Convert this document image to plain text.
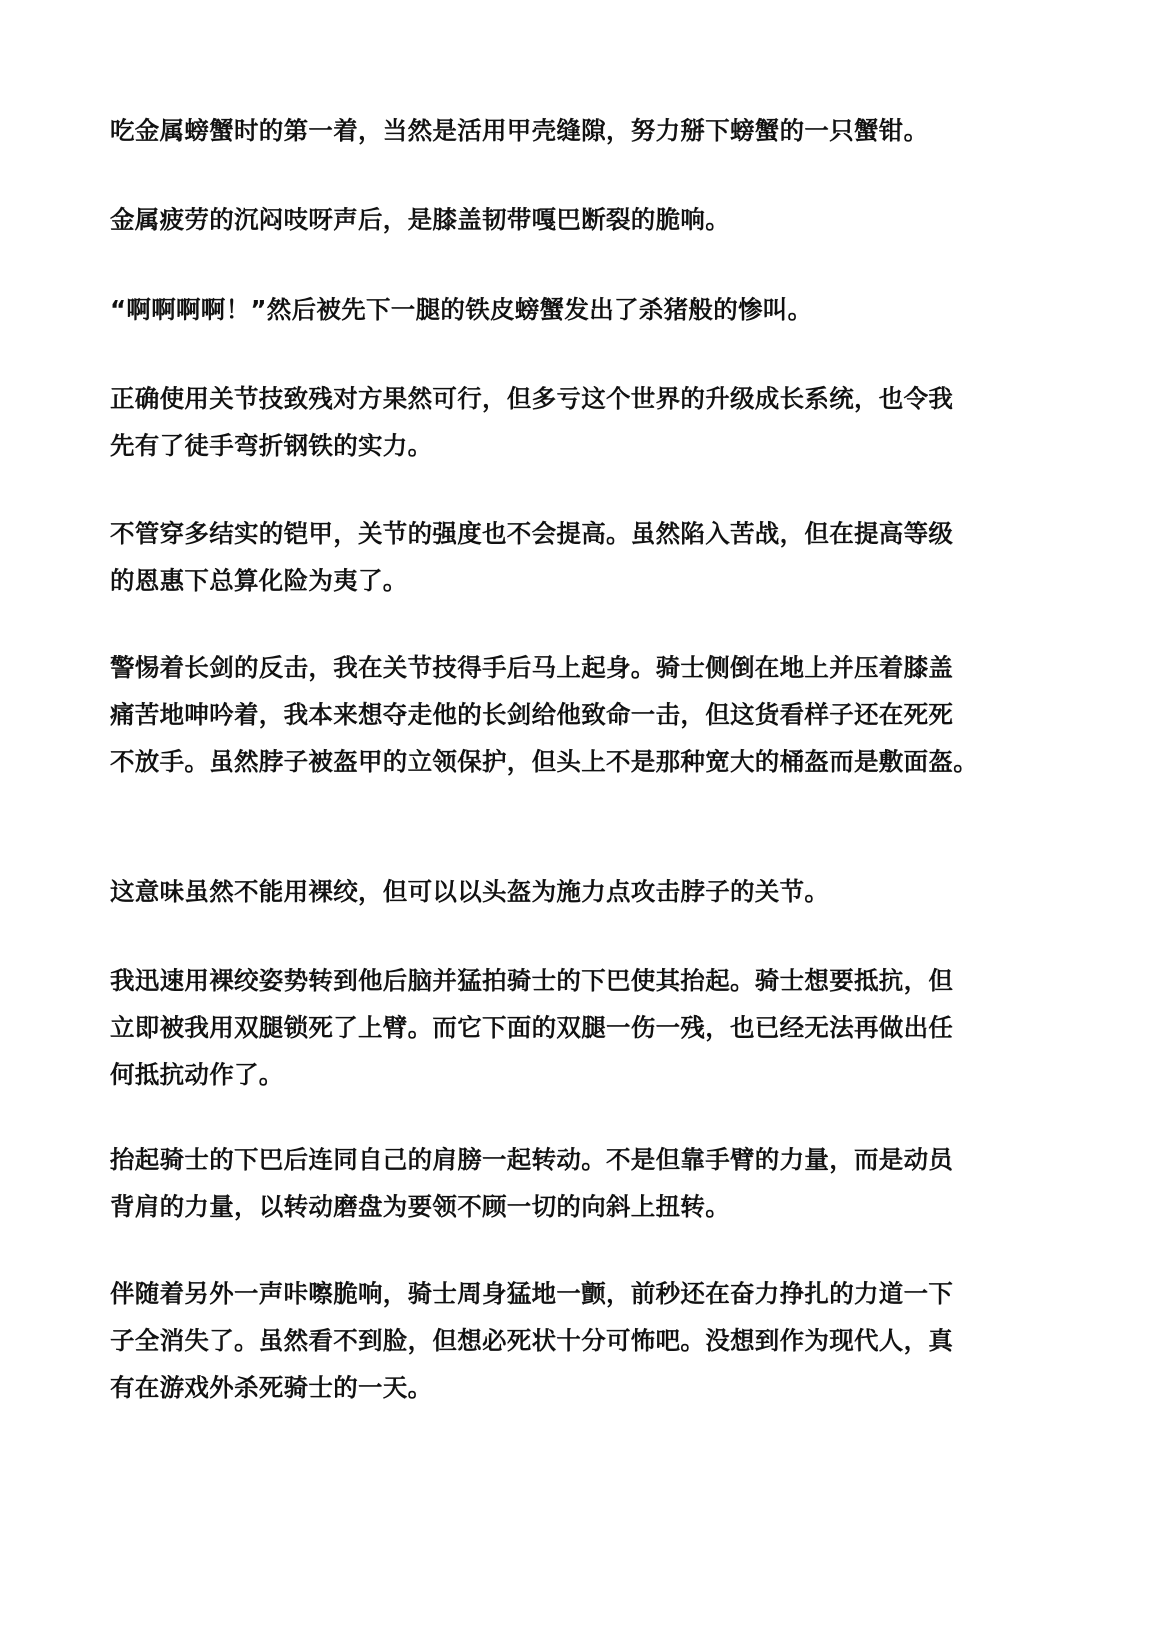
吃金属螃蟹时的第一着，当然是活用甲壳缝隙，努力掰下螃蟹的一只蟹钳。

金属疲劳的沉闷吱呀声后，是膝盖韧带嘎巴断裂的脆响。

“啊啊啊啊！”然后被先下一腿的铁皮螃蟹发出了杀猪般的惨叫。

正确使用关节技致残对方果然可行，但多亏这个世界的升级成长系统，也令我
先有了徒手弯折钢铁的实力。

不管穿多结实的铠甲，关节的强度也不会提高。虽然陷入苦战，但在提高等级
的恩惠下总算化险为夷了。

警惕着长剑的反击，我在关节技得手后马上起身。骑士侧倒在地上并压着膝盖
痛苦地呻吟着，我本来想夺走他的长剑给他致命一击，但这货看样子还在死死
不放手。虽然脖子被盔甲的立领保护，但头上不是那种宽大的桶盔而是敷面盔。

这意味虽然不能用裸绞，但可以以头盔为施力点攻击脖子的关节。

我迅速用裸绞姿势转到他后脑并猛拍骑士的下巴使其抬起。骑士想要抵抗，但
立即被我用双腿锁死了上臂。而它下面的双腿一伤一残，也已经无法再做出任
何抵抗动作了。

抬起骑士的下巴后连同自己的肩膀一起转动。不是但靠手臂的力量，而是动员
背肩的力量，以转动磨盘为要领不顾一切的向斜上扭转。

伴随着另外一声咔嚓脆响，骑士周身猛地一颤，前秒还在奋力挣扎的力道一下
子全消失了。虽然看不到脸，但想必死状十分可怖吧。没想到作为现代人，真
有在游戏外杀死骑士的一天。
